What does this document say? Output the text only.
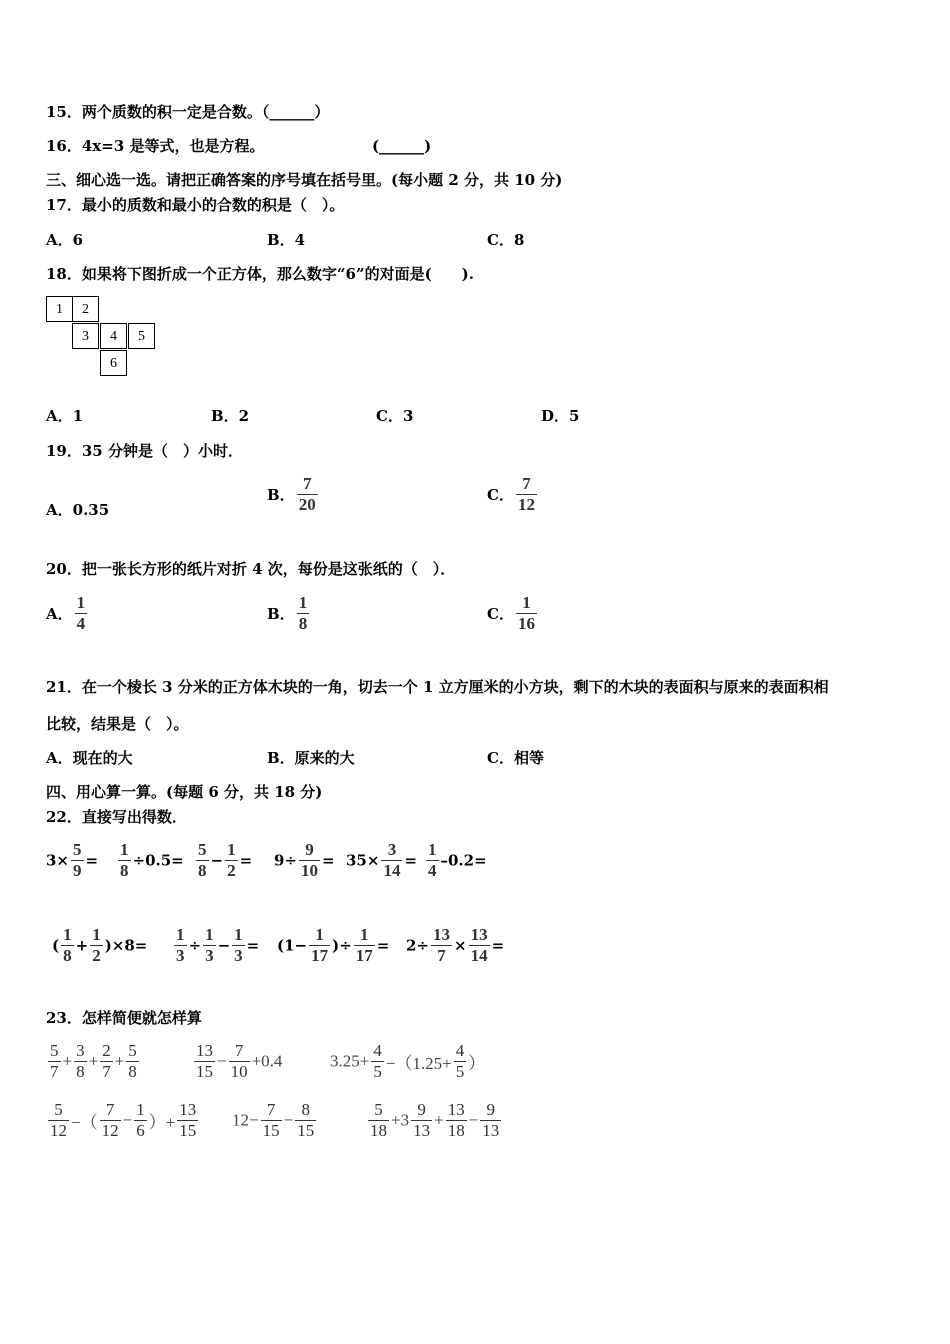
15．两个质数的积一定是合数。（______）
16．4x=3 是等式，也是方程。	(______)
三、细心选一选。请把正确答案的序号填在括号里。(每小题 2 分，共 10 分)
17．最小的质数和最小的合数的积是（　）。
A．6	B．4	C．8
18．如果将下图折成一个正方体，那么数字“6”的对面是(　　).
1	2
3	4	5
6
A．1	B．2	C．3	D．5
19．35 分钟是（　）小时．
A．0.35
B． $\frac{7}{20}$	C． $\frac{7}{12}$
20．把一张长方形的纸片对折 4 次，每份是这张纸的（　）．
A． $\frac{1}{4}$	B． $\frac{1}{8}$	C． $\frac{1}{16}$
21．在一个棱长 3 分米的正方体木块的一角，切去一个 1 立方厘米的小方块，剩下的木块的表面积与原来的表面积相
比较，结果是（　）。
A．现在的大	B．原来的大	C．相等
四、用心算一算。(每题 6 分，共 18 分)
22．直接写出得数．
$3\times \frac{5}{9} = \frac{1}{8} \div 0.5= \frac{5}{8} - \frac{1}{2} = 9\div \frac{9}{10} = 35\times \frac{3}{14} = \frac{1}{4} -0.2=$
( $\frac{1}{8} + \frac{1}{2} )\times 8= \frac{1}{3} \div \frac{1}{3} - \frac{1}{3} = (1- \frac{1}{17}$ )÷ $\frac{1}{17} = 2\div \frac{13}{7} \times \frac{13}{14}$ =
23．怎样简便就怎样算
$\frac{5}{7} + \frac{3}{8} + \frac{2}{7} + \frac{5}{8}$	$\frac{13}{15} - \frac{7}{10} +0.4$	$3.25+ \frac{4}{5} -(1.25+ \frac{4}{5}$ ）
$\frac{5}{12}$ −（ $\frac{7}{12} - \frac{1}{6}$ ）+ $\frac{13}{15} 12- \frac{7}{15} - \frac{8}{15}$	$\frac{5}{18} +3 \frac{9}{13} + \frac{13}{18} - \frac{9}{13}$
